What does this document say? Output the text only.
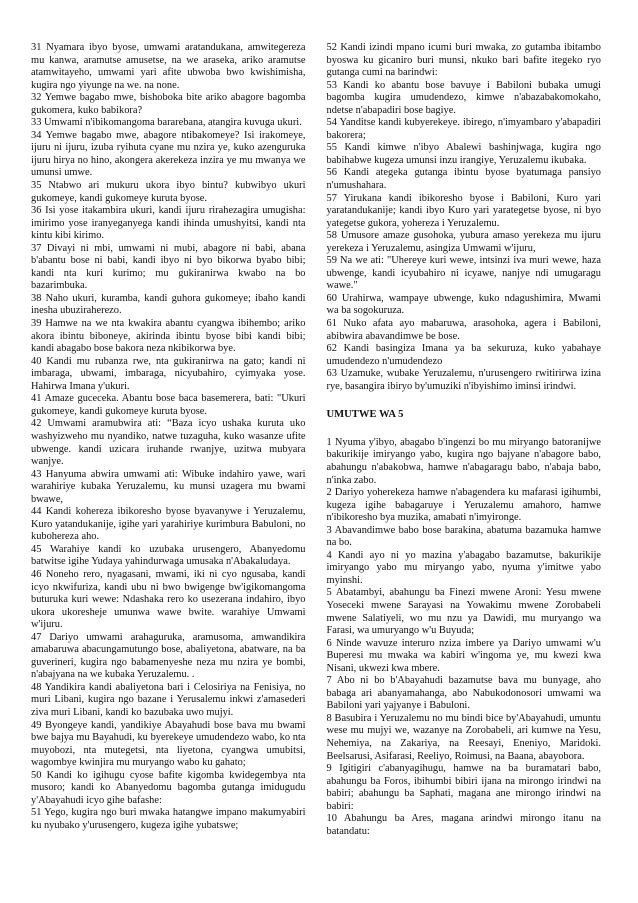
31 Nyamara ibyo byose, umwami aratandukana, amwitegereza mu kanwa, aramutse amusetse, na we araseka, ariko aramutse atamwitayeho, umwami yari afite ubwoba bwo kwishimisha, kugira ngo yiyunge na we. na none.

32 Yemwe bagabo mwe, bishoboka bite ariko abagore bagomba gukomera, kuko babikora?

33 Umwami n'ibikomangoma bararebana, atangira kuvuga ukuri.

34 Yemwe bagabo mwe, abagore ntibakomeye? Isi irakomeye, ijuru ni ijuru, izuba ryihuta cyane mu nzira ye, kuko azenguruka ijuru hirya no hino, akongera akerekeza inzira ye mu mwanya we umunsi umwe.

35 Ntabwo ari mukuru ukora ibyo bintu? kubwibyo ukuri gukomeye, kandi gukomeye kuruta byose.

36 Isi yose itakambira ukuri, kandi ijuru rirahezagira umugisha: imirimo yose iranyeganyega kandi ihinda umushyitsi, kandi nta kintu kibi kirimo.

37 Divayi ni mbi, umwami ni mubi, abagore ni babi, abana b'abantu bose ni babi, kandi ibyo ni byo bikorwa byabo bibi; kandi nta kuri kurimo; mu gukiranirwa kwabo na bo bazarimbuka.

38 Naho ukuri, kuramba, kandi guhora gukomeye; ibaho kandi inesha ubuziraherezo.

39 Hamwe na we nta kwakira abantu cyangwa ibihembo; ariko akora ibintu biboneye, akirinda ibintu byose bibi kandi bibi; kandi abagabo bose bakora neza nkibikorwa bye.

40 Kandi mu rubanza rwe, nta gukiranirwa na gato; kandi ni imbaraga, ubwami, imbaraga, nicyubahiro, cyimyaka yose. Hahirwa Imana y'ukuri.

41 Amaze guceceka. Abantu bose baca basemerera, bati: "Ukuri gukomeye, kandi gukomeye kuruta byose.

42 Umwami aramubwira ati: “Baza icyo ushaka kuruta uko washyizweho mu nyandiko, natwe tuzaguha, kuko wasanze ufite ubwenge. kandi uzicara iruhande rwanjye, uzitwa mubyara wanjye.

43 Hanyuma abwira umwami ati: Wibuke indahiro yawe, wari warahiriye kubaka Yeruzalemu, ku munsi uzagera mu bwami bwawe,

44 Kandi kohereza ibikoresho byose byavanywe i Yeruzalemu, Kuro yatandukanije, igihe yari yarahiriye kurimbura Babuloni, no kubohereza aho.

45 Warahiye kandi ko uzubaka urusengero, Abanyedomu batwitse igihe Yudaya yahindurwaga umusaka n'Abakaludaya.

46 Noneho rero, nyagasani, mwami, iki ni cyo ngusaba, kandi icyo nkwifuriza, kandi ubu ni bwo bwigenge bw'igikomangoma buturuka kuri wewe: Ndashaka rero ko usezerana indahiro, ibyo ukora ukoresheje umunwa wawe bwite. warahiye Umwami w'ijuru.

47 Dariyo umwami arahaguruka, aramusoma, amwandikira amabaruwa abacungamutungo bose, abaliyetona, abatware, na ba guverineri, kugira ngo babamenyeshe neza mu nzira ye bombi, n'abajyana na we kubaka Yeruzalemu. .

48 Yandikira kandi abaliyetona bari i Celosiriya na Fenisiya, no muri Libani, kugira ngo bazane i Yerusalemu inkwi z'amasederi ziva muri Libani, kandi ko bazubaka uwo mujyi.

49 Byongeye kandi, yandikiye Abayahudi bose bava mu bwami bwe bajya mu Bayahudi, ku byerekeye umudendezo wabo, ko nta muyobozi, nta mutegetsi, nta liyetona, cyangwa umubitsi, wagombye kwinjira mu muryango wabo ku gahato;

50 Kandi ko igihugu cyose bafite kigomba kwidegembya nta musoro; kandi ko Abanyedomu bagomba gutanga imidugudu y'Abayahudi icyo gihe bafashe:

51 Yego, kugira ngo buri mwaka hatangwe impano makumyabiri ku nyubako y'urusengero, kugeza igihe yubatswe;

52 Kandi izindi mpano icumi buri mwaka, zo gutamba ibitambo byoswa ku gicaniro buri munsi, nkuko bari bafite itegeko ryo gutanga cumi na barindwi:

53 Kandi ko abantu bose bavuye i Babiloni bubaka umugi bagomba kugira umudendezo, kimwe n'abazabakomokaho, ndetse n'abapadiri bose bagiye.

54 Yanditse kandi kubyerekeye. ibirego, n'imyambaro y'abapadiri bakorera;

55 Kandi kimwe n'ibyo Abalewi bashinjwaga, kugira ngo babihabwe kugeza umunsi inzu irangiye, Yeruzalemu ikubaka.

56 Kandi ategeka gutanga ibintu byose byatumaga pansiyo n'umushahara.

57 Yirukana kandi ibikoresho byose i Babiloni, Kuro yari yaratandukanije; kandi ibyo Kuro yari yarategetse byose, ni byo yategetse gukora, yohereza i Yeruzalemu.

58 Umusore amaze gusohoka, yubura amaso yerekeza mu ijuru yerekeza i Yeruzalemu, asingiza Umwami w'ijuru,

59 Na we ati: "Uhereye kuri wewe, intsinzi iva muri wewe, haza ubwenge, kandi icyubahiro ni icyawe, nanjye ndi umugaragu wawe."

60 Urahirwa, wampaye ubwenge, kuko ndagushimira, Mwami wa ba sogokuruza.

61 Nuko afata ayo mabaruwa, arasohoka, agera i Babiloni, abibwira abavandimwe be bose.

62 Kandi basingiza Imana ya ba sekuruza, kuko yabahaye umudendezo n'umudendezo

63 Uzamuke, wubake Yeruzalemu, n'urusengero rwitirirwa izina rye, basangira ibiryo by'umuziki n'ibyishimo iminsi irindwi.

UMUTWE WA 5

1 Nyuma y'ibyo, abagabo b'ingenzi bo mu miryango batoranijwe bakurikije imiryango yabo, kugira ngo bajyane n'abagore babo, abahungu n'abakobwa, hamwe n'abagaragu babo, n'abaja babo, n'inka zabo.

2 Dariyo yoherekeza hamwe n'abagendera ku mafarasi igihumbi, kugeza igihe babagaruye i Yeruzalemu amahoro, hamwe n'ibikoresho bya muzika, amabati n'imyironge.

3 Abavandimwe babo bose barakina, abatuma bazamuka hamwe na bo.

4 Kandi ayo ni yo mazina y'abagabo bazamutse, bakurikije imiryango yabo mu miryango yabo, nyuma y'imitwe yabo myinshi.

5 Abatambyi, abahungu ba Finezi mwene Aroni: Yesu mwene Yoseceki mwene Sarayasi na Yowakimu mwene Zorobabeli mwene Salatiyeli, wo mu nzu ya Dawidi, mu muryango wa Farasi, wa umuryango w'u Buyuda;

6 Ninde wavuze interuro nziza imbere ya Dariyo umwami w'u Buperesi mu mwaka wa kabiri w'ingoma ye, mu kwezi kwa Nisani, ukwezi kwa mbere.

7 Abo ni bo b'Abayahudi bazamutse bava mu bunyage, aho babaga ari abanyamahanga, abo Nabukodonosori umwami wa Babiloni yari yajyanye i Babuloni.

8 Basubira i Yeruzalemu no mu bindi bice by'Abayahudi, umuntu wese mu mujyi we, wazanye na Zorobabeli, ari kumwe na Yesu, Nehemiya, na Zakariya, na Reesayi, Eneniyo, Maridoki. Beelsarusi, Asifarasi, Reeliyo, Roimusi, na Baana, abayobora.

9 Igitigiri c'abanyagihugu, hamwe na ba buramatari babo, abahungu ba Foros, ibihumbi bibiri ijana na mirongo irindwi na babiri; abahungu ba Saphati, magana ane mirongo irindwi na babiri:

10 Abahungu ba Ares, magana arindwi mirongo itanu na batandatu:
